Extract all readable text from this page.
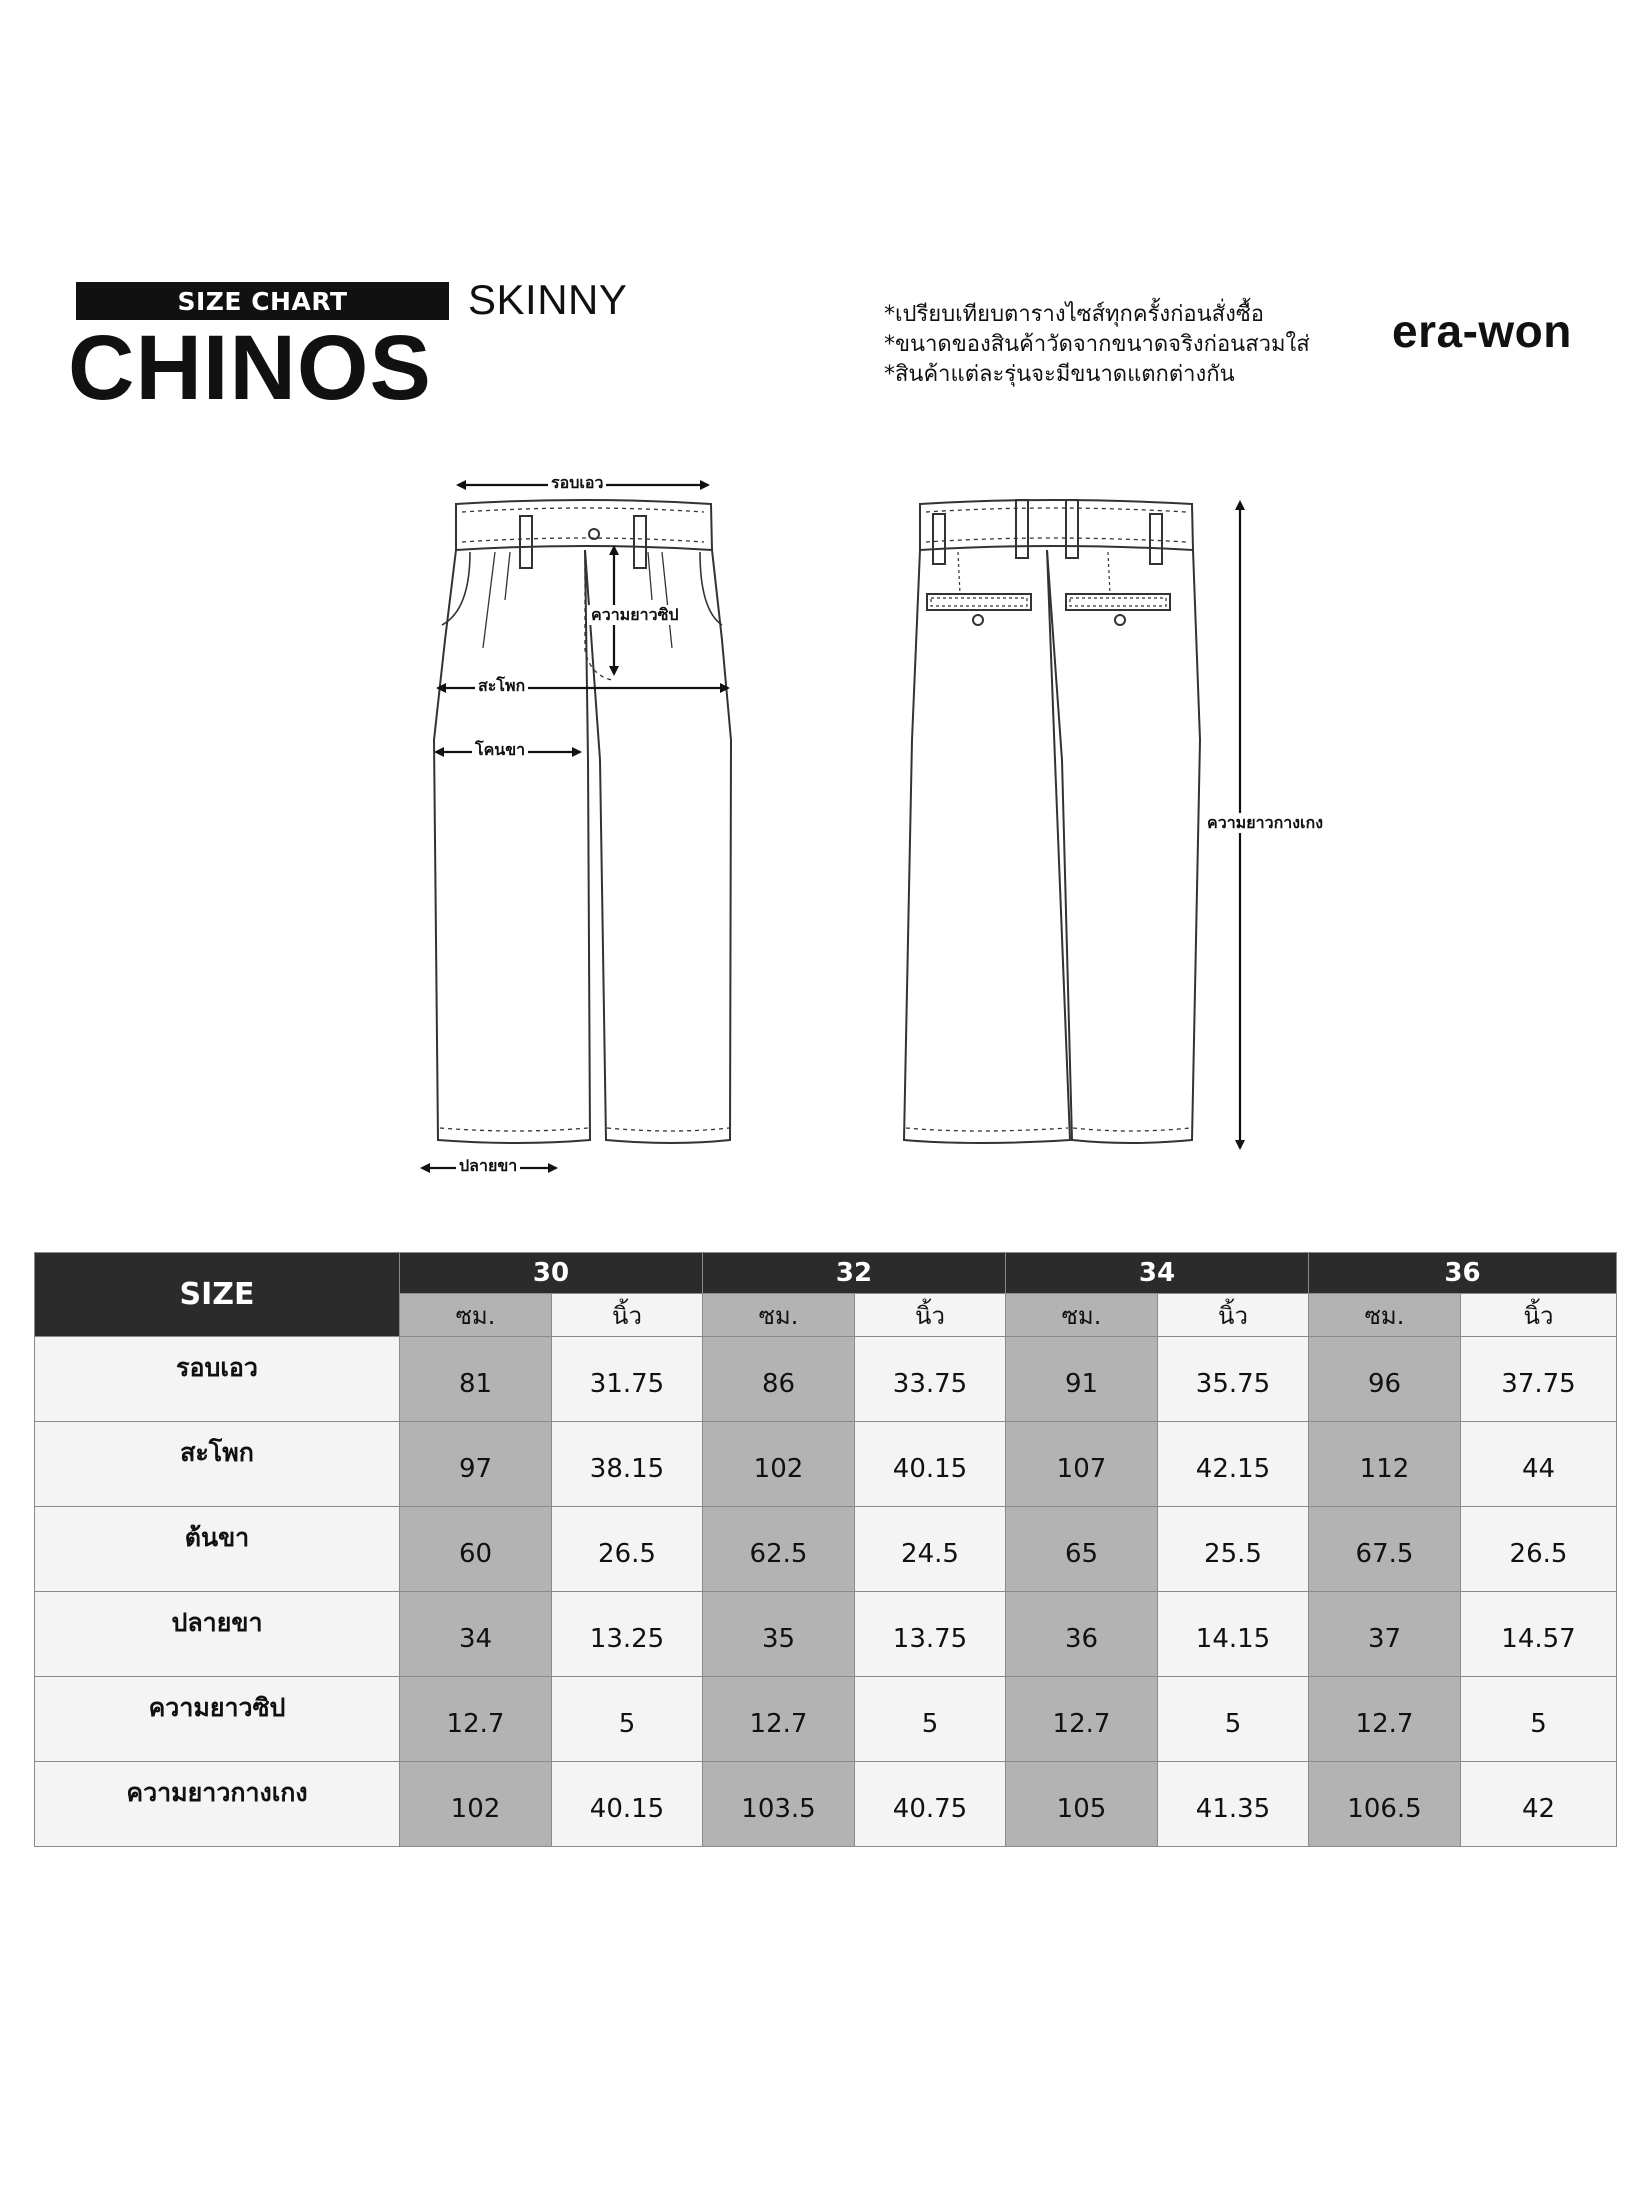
SIZE CHART	SKINNY
CHINOS
*เปรียบเทียบตารางไซส์ทุกครั้งก่อนสั่งซื้อ
*ขนาดของสินค้าวัดจากขนาดจริงก่อนสวมใส่
*สินค้าแต่ละรุ่นจะมีขนาดแตกต่างกัน
era-won
รอบเอว
ความยาวซิป
สะโพก
โคนขา
ปลายขา
ความยาวกางเกง
SIZE	30		32		34		36	
	ซม.	นิ้ว	ซม.	นิ้ว	ซม.	นิ้ว	ซม.	นิ้ว
รอบเอว	81	31.75	86	33.75	91	35.75	96	37.75
สะโพก	97	38.15	102	40.15	107	42.15	112	44
ต้นขา	60	26.5	62.5	24.5	65	25.5	67.5	26.5
ปลายขา	34	13.25	35	13.75	36	14.15	37	14.57
ความยาวซิป	12.7	5	12.7	5	12.7	5	12.7	5
ความยาวกางเกง	102	40.15	103.5	40.75	105	41.35	106.5	42
